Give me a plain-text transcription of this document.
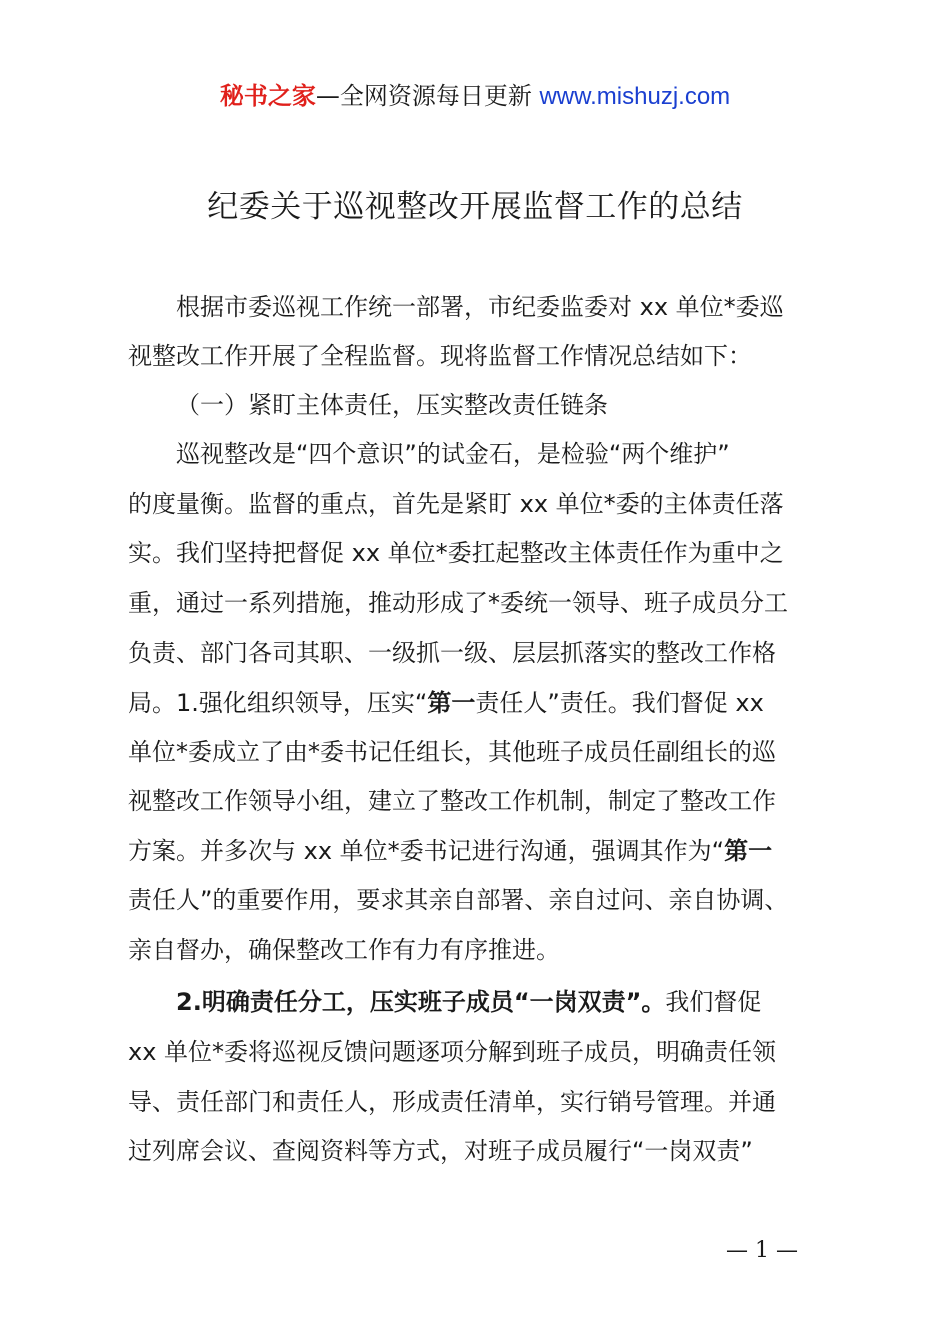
秘书之家—全网资源每日更新 www.mishuzj.com
纪委关于巡视整改开展监督工作的总结
根据市委巡视工作统一部署，市纪委监委对 xx 单位*委巡
视整改工作开展了全程监督。现将监督工作情况总结如下：
（一）紧盯主体责任，压实整改责任链条
巡视整改是“四个意识”的试金石，是检验“两个维护”
的度量衡。监督的重点，首先是紧盯 xx 单位*委的主体责任落
实。我们坚持把督促 xx 单位*委扛起整改主体责任作为重中之
重，通过一系列措施，推动形成了*委统一领导、班子成员分工
负责、部门各司其职、一级抓一级、层层抓落实的整改工作格
局。1.强化组织领导，压实“第一责任人”责任。我们督促 xx
单位*委成立了由*委书记任组长，其他班子成员任副组长的巡
视整改工作领导小组，建立了整改工作机制，制定了整改工作
方案。并多次与 xx 单位*委书记进行沟通，强调其作为“第一
责任人”的重要作用，要求其亲自部署、亲自过问、亲自协调、
亲自督办，确保整改工作有力有序推进。
2.明确责任分工，压实班子成员“一岗双责”。我们督促
xx 单位*委将巡视反馈问题逐项分解到班子成员，明确责任领
导、责任部门和责任人，形成责任清单，实行销号管理。并通
过列席会议、查阅资料等方式，对班子成员履行“一岗双责”
— 1 —
